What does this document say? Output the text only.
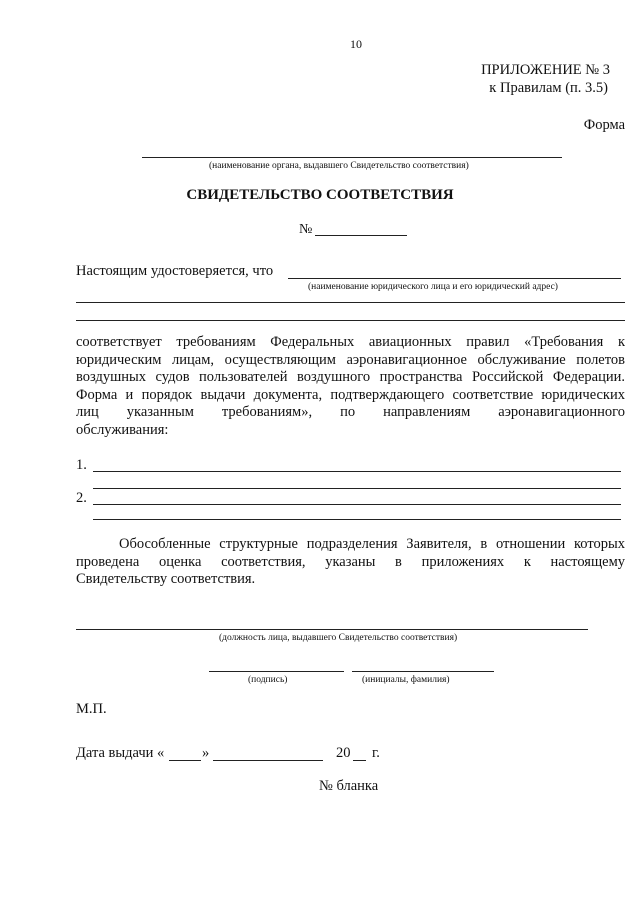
10
ПРИЛОЖЕНИЕ № 3
к Правилам (п. 3.5)
Форма
(наименование органа, выдавшего Свидетельство соответствия)
СВИДЕТЕЛЬСТВО СООТВЕТСТВИЯ
№
Настоящим удостоверяется, что
(наименование юридического лица и его юридический адрес)
соответствует требованиям Федеральных авиационных правил «Требования к
юридическим лицам, осуществляющим аэронавигационное обслуживание полетов
воздушных судов пользователей воздушного пространства Российской Федерации.
Форма и порядок выдачи документа, подтверждающего соответствие юридических
лиц указанным требованиям», по направлениям аэронавигационного
обслуживания:
1.
2.
Обособленные структурные подразделения Заявителя, в отношении которых
проведена оценка соответствия, указаны в приложениях к настоящему
Свидетельству соответствия.
(должность лица, выдавшего Свидетельство соответствия)
(подпись)	(инициалы, фамилия)
М.П.
Дата выдачи «	»	20 г.
№ бланка
